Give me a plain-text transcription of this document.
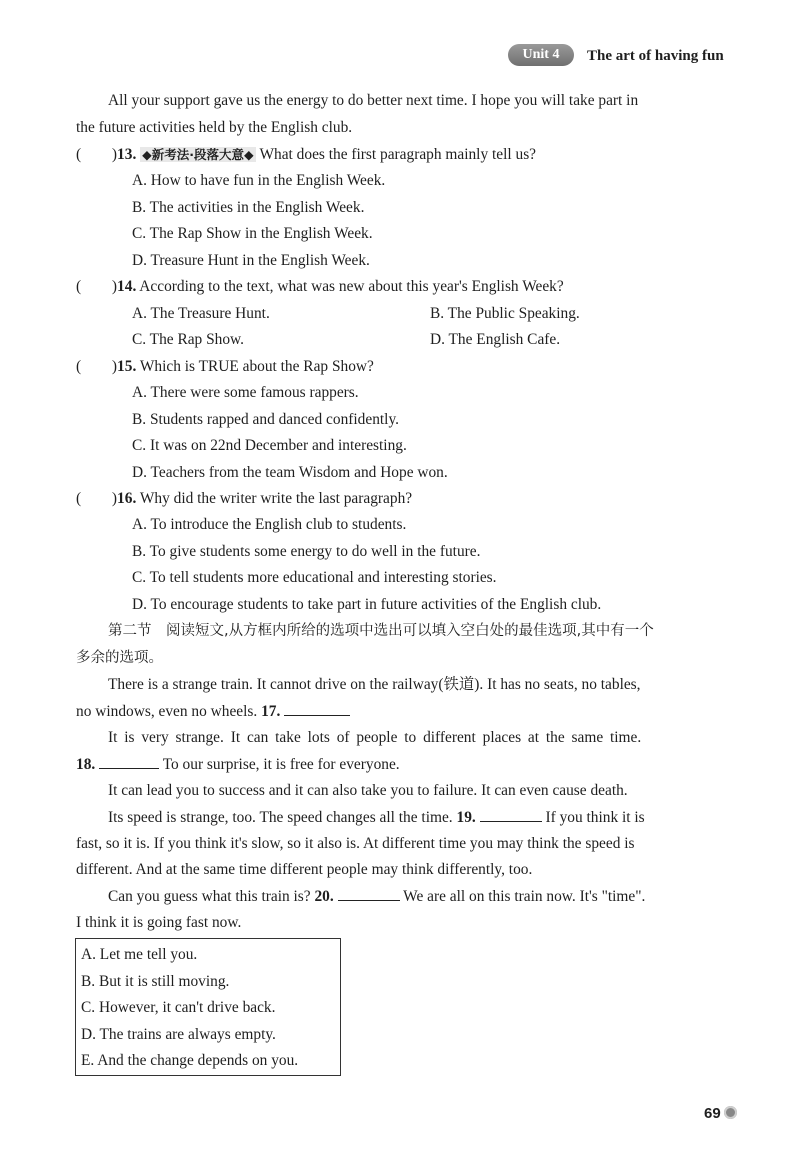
Unit 4	The art of having fun
All your support gave us the energy to do better next time. I hope you will take part in
the future activities held by the English club.
(　　)13. ◆新考法·段落大意◆ What does the first paragraph mainly tell us?
A. How to have fun in the English Week.
B. The activities in the English Week.
C. The Rap Show in the English Week.
D. Treasure Hunt in the English Week.
(　　)14. According to the text, what was new about this year's English Week?
A. The Treasure Hunt.	B. The Public Speaking.
C. The Rap Show.	D. The English Cafe.
(　　)15. Which is TRUE about the Rap Show?
A. There were some famous rappers.
B. Students rapped and danced confidently.
C. It was on 22nd December and interesting.
D. Teachers from the team Wisdom and Hope won.
(　　)16. Why did the writer write the last paragraph?
A. To introduce the English club to students.
B. To give students some energy to do well in the future.
C. To tell students more educational and interesting stories.
D. To encourage students to take part in future activities of the English club.
第二节　阅读短文,从方框内所给的选项中选出可以填入空白处的最佳选项,其中有一个
多余的选项。
There is a strange train. It cannot drive on the railway(铁道). It has no seats, no tables,
no windows, even no wheels. 17.
It is very strange. It can take lots of people to different places at the same time.
18.	To our surprise, it is free for everyone.
It can lead you to success and it can also take you to failure. It can even cause death.
Its speed is strange, too. The speed changes all the time. 19.	If you think it is
fast, so it is. If you think it's slow, so it also is. At different time you may think the speed is
different. And at the same time different people may think differently, too.
Can you guess what this train is? 20.	We are all on this train now. It's "time".
I think it is going fast now.
A. Let me tell you.
B. But it is still moving.
C. However, it can't drive back.
D. The trains are always empty.
E. And the change depends on you.
69
